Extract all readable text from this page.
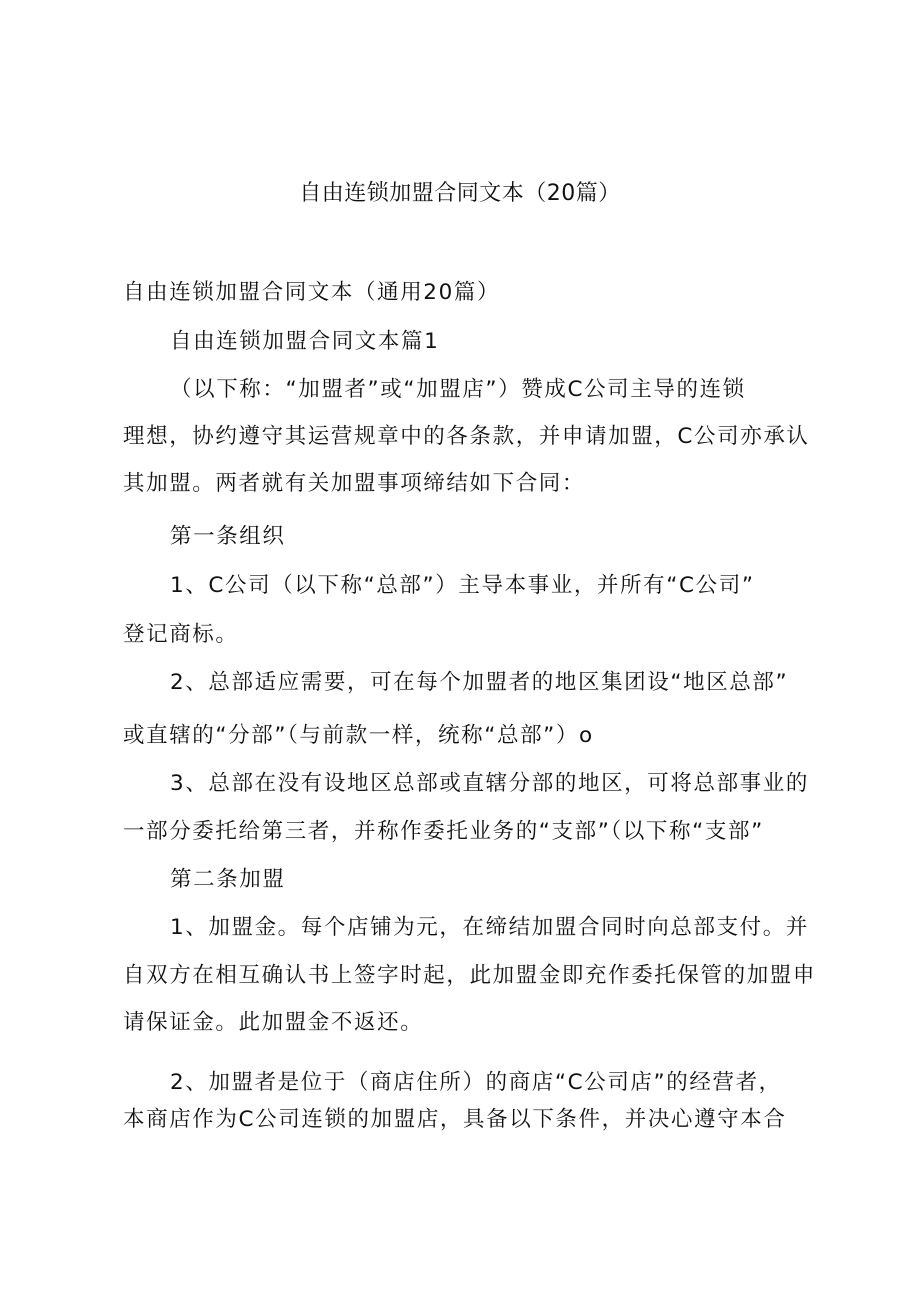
自由连锁加盟合同文本（20篇）
自由连锁加盟合同文本（通用20篇）
自由连锁加盟合同文本篇1
（以下称：“加盟者”或“加盟店”）赞成C公司主导的连锁
理想，协约遵守其运营规章中的各条款，并申请加盟，C公司亦承认
其加盟。两者就有关加盟事项缔结如下合同：
第一条组织
1、C公司（以下称“总部”）主导本事业，并所有“C公司”
登记商标。
2、总部适应需要，可在每个加盟者的地区集团设“地区总部”
或直辖的“分部”（与前款一样，统称“总部”）o
3、总部在没有设地区总部或直辖分部的地区，可将总部事业的
一部分委托给第三者，并称作委托业务的“支部”（以下称“支部”
第二条加盟
1、加盟金。每个店铺为元，在缔结加盟合同时向总部支付。并
自双方在相互确认书上签字时起，此加盟金即充作委托保管的加盟申
请保证金。此加盟金不返还。
2、加盟者是位于（商店住所）的商店“C公司店”的经营者，
本商店作为C公司连锁的加盟店，具备以下条件，并决心遵守本合
